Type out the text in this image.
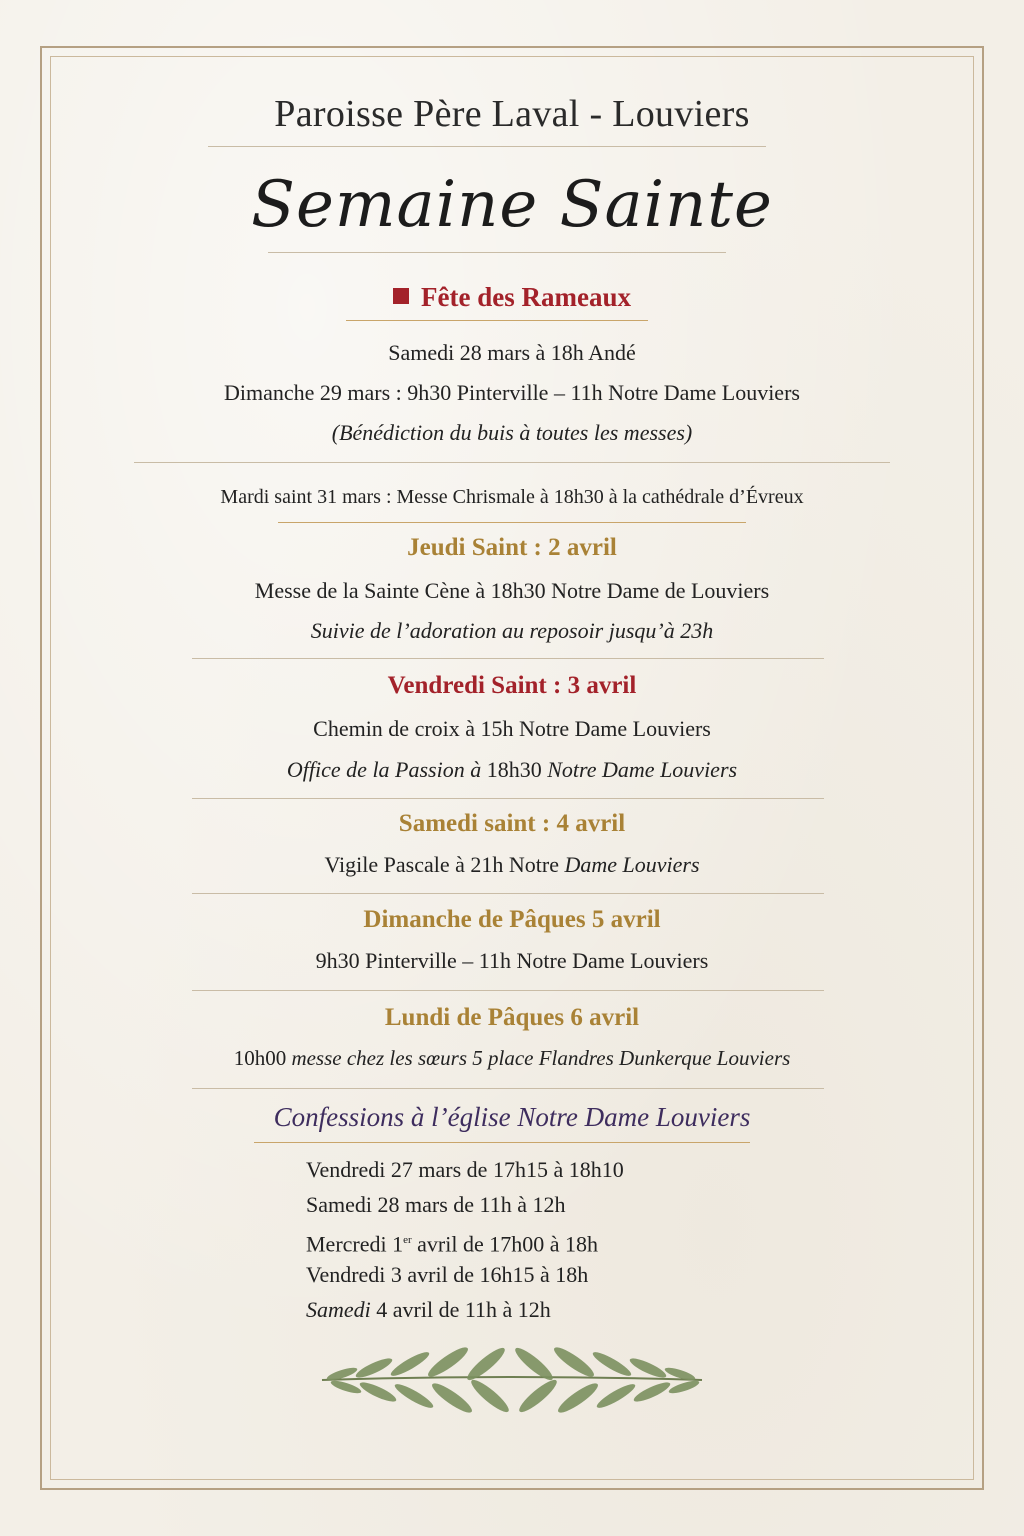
Paroisse Père Laval - Louviers
Semaine Sainte
Fête des Rameaux
Samedi 28 mars à 18h Andé
Dimanche 29 mars : 9h30 Pinterville – 11h Notre Dame Louviers
(Bénédiction du buis à toutes les messes)
Mardi saint 31 mars : Messe Chrismale à 18h30 à la cathédrale d’Évreux
Jeudi Saint : 2 avril
Messe de la Sainte Cène à 18h30 Notre Dame de Louviers
Suivie de l’adoration au reposoir jusqu’à 23h
Vendredi Saint : 3 avril
Chemin de croix à 15h Notre Dame Louviers
Office de la Passion à 18h30 Notre Dame Louviers
Samedi saint : 4 avril
Vigile Pascale à 21h Notre Dame Louviers
Dimanche de Pâques 5 avril
9h30 Pinterville – 11h Notre Dame Louviers
Lundi de Pâques 6 avril
10h00 messe chez les sœurs 5 place Flandres Dunkerque Louviers
Confessions à l’église Notre Dame Louviers
Vendredi 27 mars de 17h15 à 18h10
Samedi 28 mars de 11h à 12h
Mercredi 1er avril de 17h00 à 18h
Vendredi 3 avril de 16h15 à 18h
Samedi 4 avril de 11h à 12h
